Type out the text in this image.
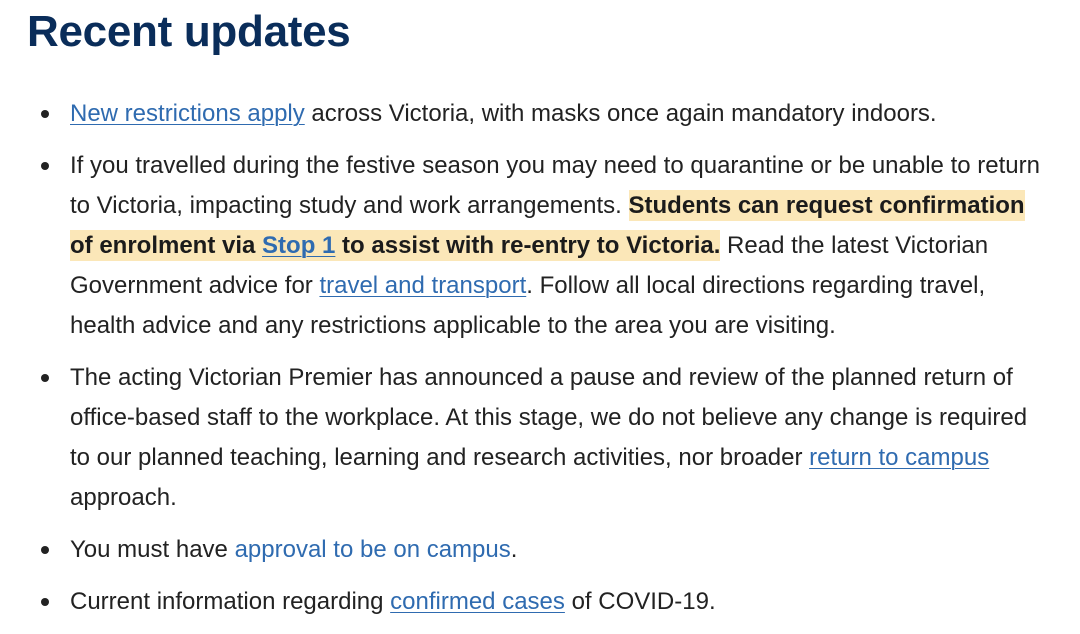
Recent updates
New restrictions apply across Victoria, with masks once again mandatory indoors.
If you travelled during the festive season you may need to quarantine or be unable to return to Victoria, impacting study and work arrangements. Students can request confirmation of enrolment via Stop 1 to assist with re-entry to Victoria. Read the latest Victorian Government advice for travel and transport. Follow all local directions regarding travel, health advice and any restrictions applicable to the area you are visiting.
The acting Victorian Premier has announced a pause and review of the planned return of office-based staff to the workplace. At this stage, we do not believe any change is required to our planned teaching, learning and research activities, nor broader return to campus approach.
You must have approval to be on campus.
Current information regarding confirmed cases of COVID-19.
